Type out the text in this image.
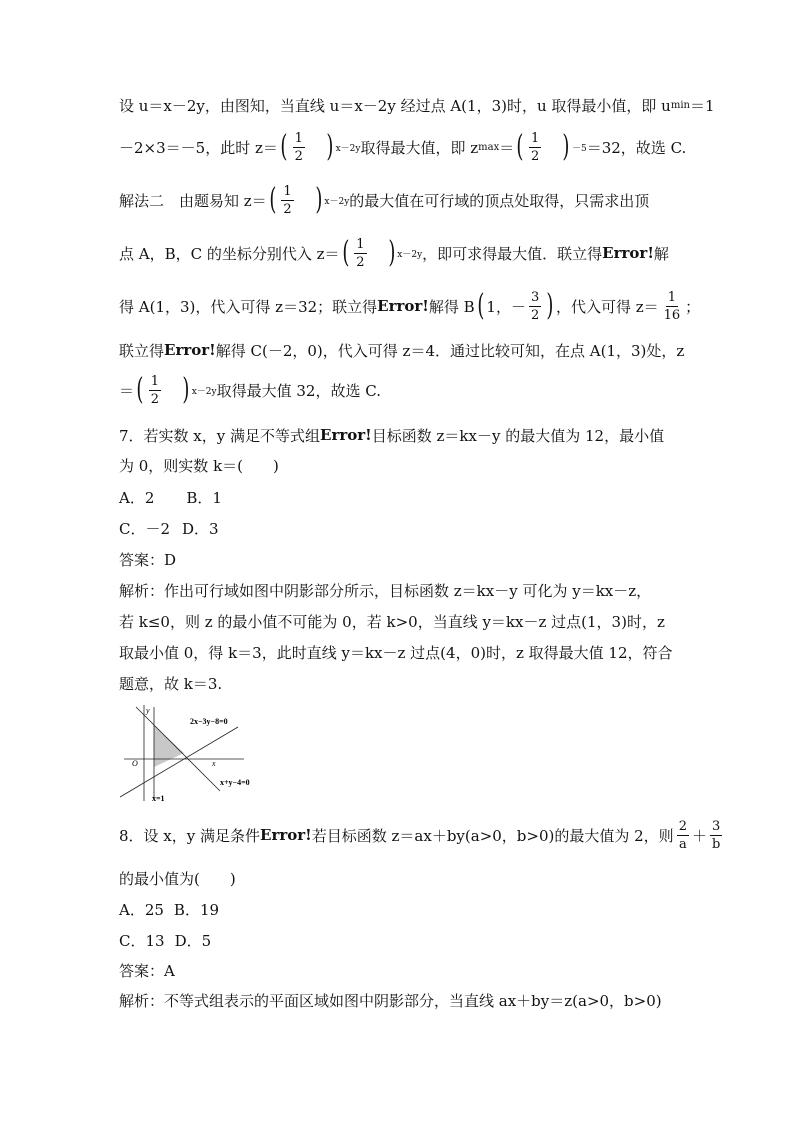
设 u＝x－2y，由图知，当直线 u＝x－2y 经过点 A(1，3)时，u 取得最小值，即 u min ＝1
－2×3＝－5，此时 z＝ ( $\frac{1}{2}$ ) x－2y 取得最大值，即 z max ＝ ( $\frac{1}{2}$ ) －5 ＝32，故选 C.
解法二　由题易知 z＝ ( $\frac{1}{2}$ ) x－2y 的最大值在可行域的顶点处取得，只需求出顶
点 A，B，C 的坐标分别代入 z＝ ( $\frac{1}{2}$ ) x－2y ，即可求得最大值．联立得 Error! 解
得 A(1，3)，代入可得 z＝32；联立得 Error! 解得 B ( 1，－ $\frac{3}{2}$ ) ，代入可得 $z= \frac{1}{16}$ ；
联立得 Error! 解得 C(－2，0)，代入可得 z＝4．通过比较可知，在点 A(1，3)处，z
＝ ( $\frac{1}{2}$ ) x－2y 取得最大值 32，故选 C.
7．若实数 x，y 满足不等式组 Error! 目标函数 z＝kx－y 的最大值为 12，最小值
为 0，则实数 k＝(　　)
A．2 B．1
C．－2 D．3
答案：D
解析：作出可行域如图中阴影部分所示，目标函数 z＝kx－y 可化为 y＝kx－z，
若 k≤0，则 z 的最小值不可能为 0，若 k>0，当直线 y＝kx－z 过点(1，3)时，z
取最小值 0，得 k＝3，此时直线 y＝kx－z 过点(4，0)时，z 取得最大值 12，符合
题意，故 k＝3.
y
x
O
2x−3y−8=0
x+y−4=0
x=1
8．设 x，y 满足条件 Error! 若目标函数 z＝ax＋by(a>0，b>0)的最大值为 2，则 $\frac{2}{a} + \frac{3}{b}$
的最小值为(　　)
A．25 B．19
C．13 D．5
答案：A
解析：不等式组表示的平面区域如图中阴影部分，当直线 ax＋by＝z(a>0，b>0)
